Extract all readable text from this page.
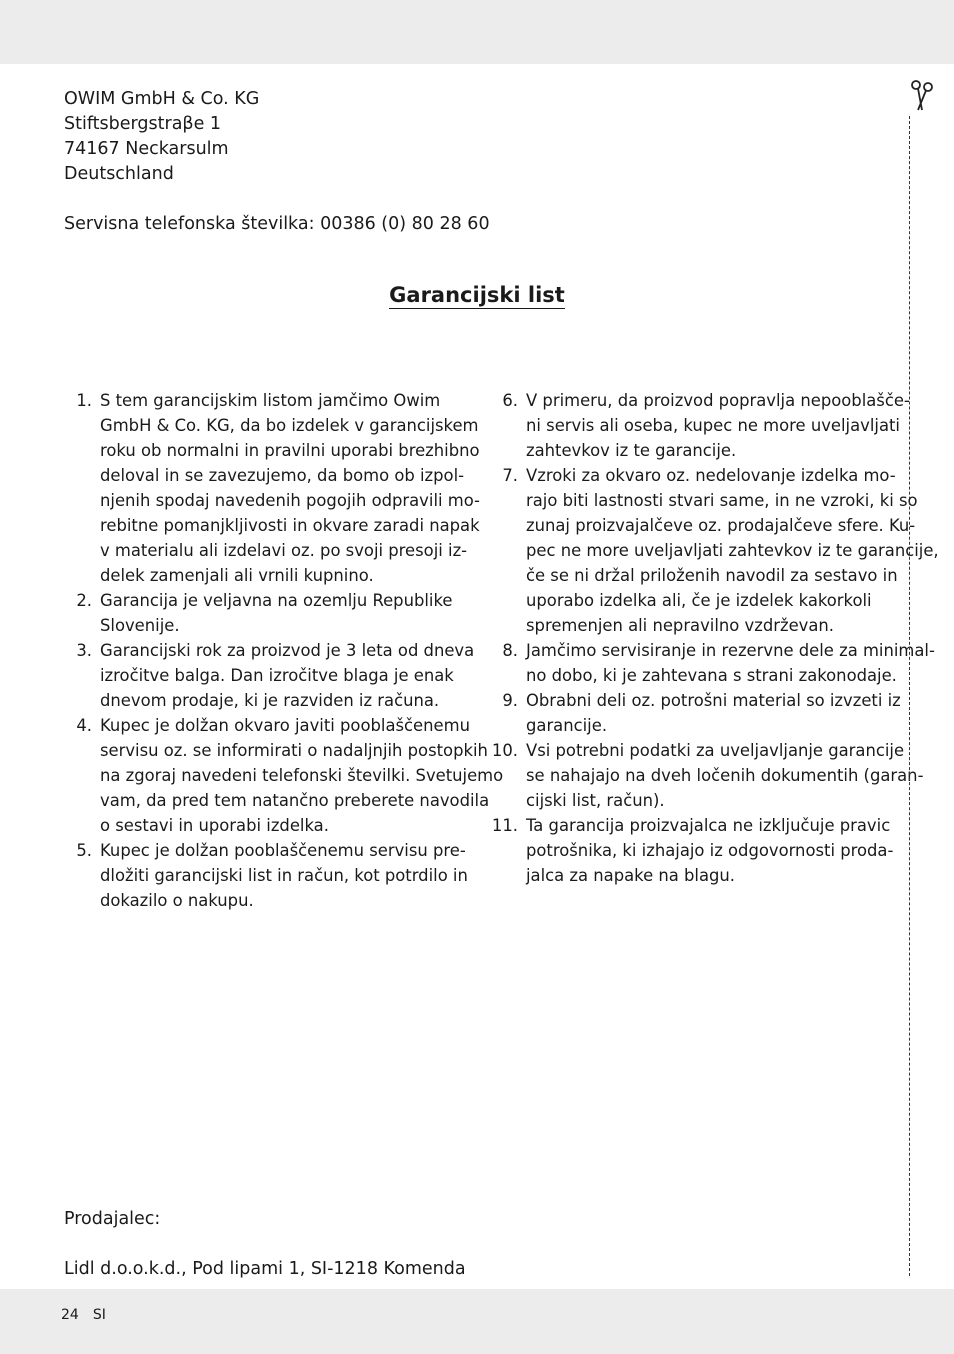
OWIM GmbH & Co. KG
Stiftsbergstraβe 1
74167 Neckarsulm
Deutschland
Servisna telefonska številka: 00386 (0) 80 28 60
Garancijski list
1. S tem garancijskim listom jamčimo Owim
GmbH & Co. KG, da bo izdelek v garancijskem
roku ob normalni in pravilni uporabi brezhibno
deloval in se zavezujemo, da bomo ob izpol-
njenih spodaj navedenih pogojih odpravili mo-
rebitne pomanjkljivosti in okvare zaradi napak
v materialu ali izdelavi oz. po svoji presoji iz-
delek zamenjali ali vrnili kupnino.
2. Garancija je veljavna na ozemlju Republike
Slovenije.
3. Garancijski rok za proizvod je 3 leta od dneva
izročitve balga. Dan izročitve blaga je enak
dnevom prodaje, ki je razviden iz računa.
4. Kupec je dolžan okvaro javiti pooblaščenemu
servisu oz. se informirati o nadaljnjih postopkih
na zgoraj navedeni telefonski številki. Svetujemo
vam, da pred tem natančno preberete navodila
o sestavi in uporabi izdelka.
5. Kupec je dolžan pooblaščenemu servisu pre-
dložiti garancijski list in račun, kot potrdilo in
dokazilo o nakupu.
6. V primeru, da proizvod popravlja nepooblašče-
ni servis ali oseba, kupec ne more uveljavljati
zahtevkov iz te garancije.
7. Vzroki za okvaro oz. nedelovanje izdelka mo-
rajo biti lastnosti stvari same, in ne vzroki, ki so
zunaj proizvajalčeve oz. prodajalčeve sfere. Ku-
pec ne more uveljavljati zahtevkov iz te garancije,
če se ni držal priloženih navodil za sestavo in
uporabo izdelka ali, če je izdelek kakorkoli
spremenjen ali nepravilno vzdrževan.
8. Jamčimo servisiranje in rezervne dele za minimal-
no dobo, ki je zahtevana s strani zakonodaje.
9. Obrabni deli oz. potrošni material so izvzeti iz
garancije.
10. Vsi potrebni podatki za uveljavljanje garancije
se nahajajo na dveh ločenih dokumentih (garan-
cijski list, račun).
11. Ta garancija proizvajalca ne izključuje pravic
potrošnika, ki izhajajo iz odgovornosti proda-
jalca za napake na blagu.
Prodajalec:
Lidl d.o.o.k.d., Pod lipami 1, SI-1218 Komenda
24 SI
